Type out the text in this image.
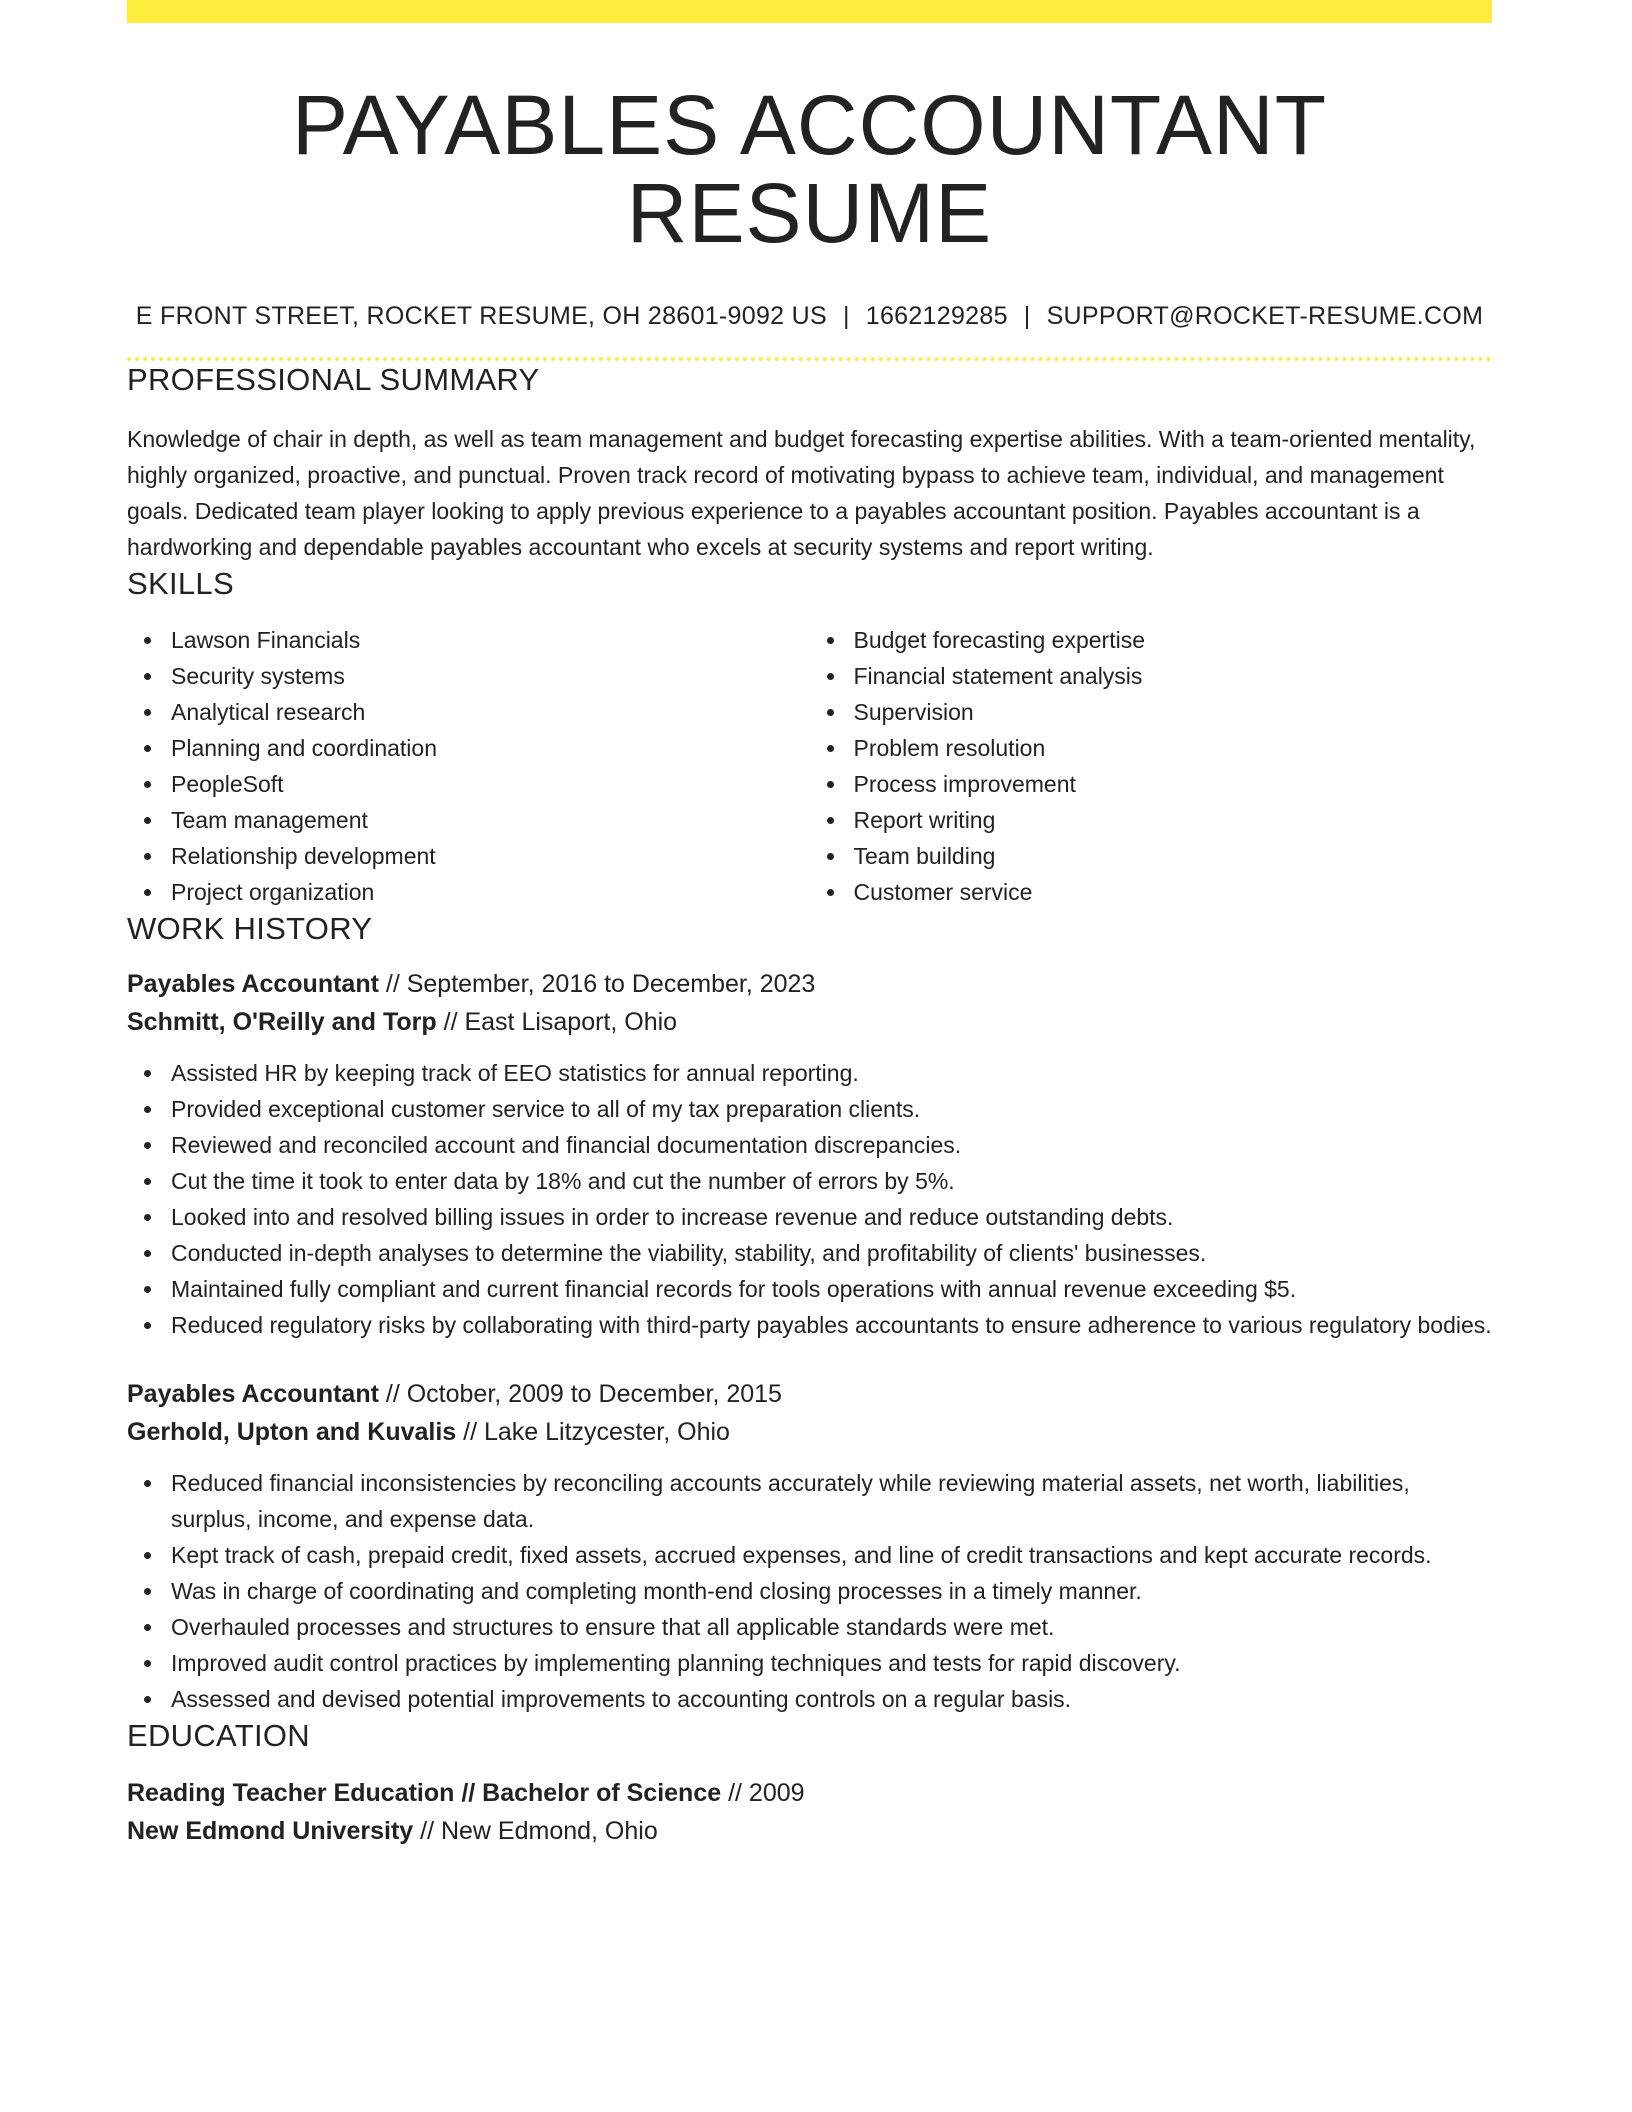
PAYABLES ACCOUNTANT RESUME
E FRONT STREET, ROCKET RESUME, OH 28601-9092 US | 1662129285 | SUPPORT@ROCKET-RESUME.COM
PROFESSIONAL SUMMARY

Knowledge of chair in depth, as well as team management and budget forecasting expertise abilities. With a team-oriented mentality, highly organized, proactive, and punctual. Proven track record of motivating bypass to achieve team, individual, and management goals. Dedicated team player looking to apply previous experience to a payables accountant position. Payables accountant is a hardworking and dependable payables accountant who excels at security systems and report writing.

SKILLS
Lawson Financials
Security systems
Analytical research
Planning and coordination
PeopleSoft
Team management
Relationship development
Project organization
Budget forecasting expertise
Financial statement analysis
Supervision
Problem resolution
Process improvement
Report writing
Team building
Customer service
WORK HISTORY
Payables Accountant // September, 2016 to December, 2023
Schmitt, O'Reilly and Torp // East Lisaport, Ohio
Assisted HR by keeping track of EEO statistics for annual reporting.
Provided exceptional customer service to all of my tax preparation clients.
Reviewed and reconciled account and financial documentation discrepancies.
Cut the time it took to enter data by 18% and cut the number of errors by 5%.
Looked into and resolved billing issues in order to increase revenue and reduce outstanding debts.
Conducted in-depth analyses to determine the viability, stability, and profitability of clients' businesses.
Maintained fully compliant and current financial records for tools operations with annual revenue exceeding $5.
Reduced regulatory risks by collaborating with third-party payables accountants to ensure adherence to various regulatory bodies.
Payables Accountant // October, 2009 to December, 2015
Gerhold, Upton and Kuvalis // Lake Litzycester, Ohio
Reduced financial inconsistencies by reconciling accounts accurately while reviewing material assets, net worth, liabilities, surplus, income, and expense data.
Kept track of cash, prepaid credit, fixed assets, accrued expenses, and line of credit transactions and kept accurate records.
Was in charge of coordinating and completing month-end closing processes in a timely manner.
Overhauled processes and structures to ensure that all applicable standards were met.
Improved audit control practices by implementing planning techniques and tests for rapid discovery.
Assessed and devised potential improvements to accounting controls on a regular basis.
EDUCATION
Reading Teacher Education // Bachelor of Science // 2009
New Edmond University // New Edmond, Ohio
